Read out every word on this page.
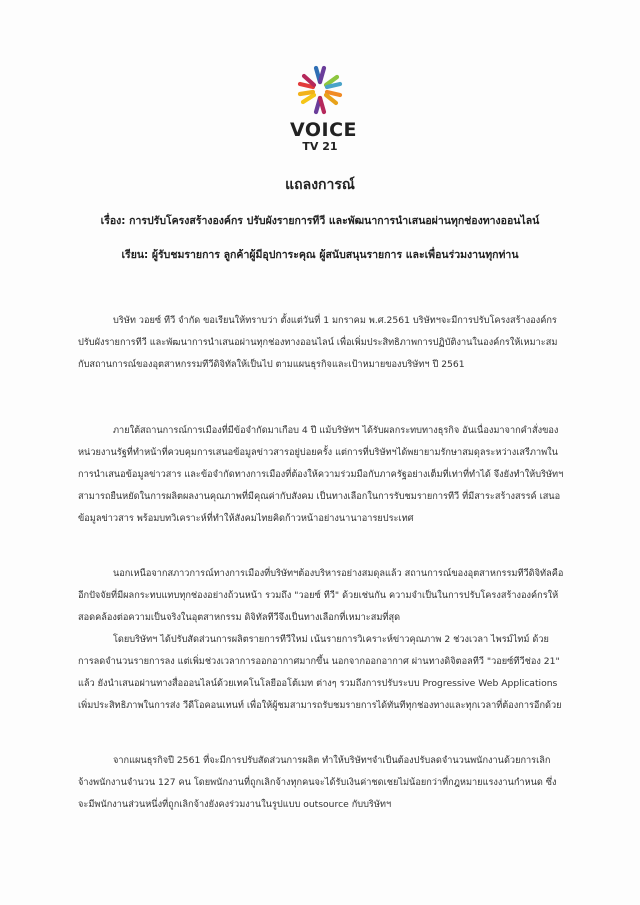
VOICE
TV 21
แถลงการณ์
เรื่อง: การปรับโครงสร้างองค์กร ปรับผังรายการทีวี และพัฒนาการนำเสนอผ่านทุกช่องทางออนไลน์
เรียน: ผู้รับชมรายการ ลูกค้าผู้มีอุปการะคุณ ผู้สนับสนุนรายการ และเพื่อนร่วมงานทุกท่าน
บริษัท วอยซ์ ทีวี จำกัด ขอเรียนให้ทราบว่า ตั้งแต่วันที่ 1 มกราคม พ.ศ.2561 บริษัทฯจะมีการปรับโครงสร้างองค์กรปรับผังรายการทีวี และพัฒนาการนำเสนอผ่านทุกช่องทางออนไลน์ เพื่อเพิ่มประสิทธิภาพการปฏิบัติงานในองค์กรให้เหมาะสมกับสถานการณ์ของอุตสาหกรรมทีวีดิจิทัลให้เป็นไป ตามแผนธุรกิจและเป้าหมายของบริษัทฯ ปี 2561
ภายใต้สถานการณ์การเมืองที่มีข้อจำกัดมาเกือบ 4 ปี แม้บริษัทฯ ได้รับผลกระทบทางธุรกิจ อันเนื่องมาจากคำสั่งของหน่วยงานรัฐที่ทำหน้าที่ควบคุมการเสนอข้อมูลข่าวสารอยู่บ่อยครั้ง แต่การที่บริษัทฯได้พยายามรักษาสมดุลระหว่างเสรีภาพในการนำเสนอข้อมูลข่าวสาร และข้อจำกัดทางการเมืองที่ต้องให้ความร่วมมือกับภาครัฐอย่างเต็มที่เท่าที่ทำได้ จึงยังทำให้บริษัทฯ สามารถยืนหยัดในการผลิตผลงานคุณภาพที่มีคุณค่ากับสังคม เป็นทางเลือกในการรับชมรายการทีวี ที่มีสาระสร้างสรรค์ เสนอข้อมูลข่าวสาร พร้อมบทวิเคราะห์ที่ทำให้สังคมไทยคิดก้าวหน้าอย่างนานาอารยประเทศ
นอกเหนือจากสภาวการณ์ทางการเมืองที่บริษัทฯต้องบริหารอย่างสมดุลแล้ว สถานการณ์ของอุตสาหกรรมทีวีดิจิทัลคืออีกปัจจัยที่มีผลกระทบแทบทุกช่องอย่างถ้วนหน้า รวมถึง "วอยซ์ ทีวี" ด้วยเช่นกัน ความจำเป็นในการปรับโครงสร้างองค์กรให้สอดคล้องต่อความเป็นจริงในอุตสาหกรรม ดิจิทัลทีวีจึงเป็นทางเลือกที่เหมาะสมที่สุด
โดยบริษัทฯ ได้ปรับสัดส่วนการผลิตรายการทีวีใหม่ เน้นรายการวิเคราะห์ข่าวคุณภาพ 2 ช่วงเวลา ไพรม์ไทม์ ด้วยการลดจำนวนรายการลง แต่เพิ่มช่วงเวลาการออกอากาศมากขึ้น นอกจากออกอากาศ ผ่านทางดิจิตอลทีวี "วอยซ์ทีวีช่อง 21" แล้ว ยังนำเสนอผ่านทางสื่อออนไลน์ด้วยเทคโนโลยีออโต้เมท ต่างๆ รวมถึงการปรับระบบ Progressive Web Applications เพิ่มประสิทธิภาพในการส่ง วีดีโอคอนเทนท์ เพื่อให้ผู้ชมสามารถรับชมรายการได้ทันทีทุกช่องทางและทุกเวลาที่ต้องการอีกด้วย
จากแผนธุรกิจปี 2561 ที่จะมีการปรับสัดส่วนการผลิต ทำให้บริษัทฯจำเป็นต้องปรับลดจำนวนพนักงานด้วยการเลิกจ้างพนักงานจำนวน 127 คน โดยพนักงานที่ถูกเลิกจ้างทุกคนจะได้รับเงินค่าชดเชยไม่น้อยกว่าที่กฎหมายแรงงานกำหนด ซึ่งจะมีพนักงานส่วนหนึ่งที่ถูกเลิกจ้างยังคงร่วมงานในรูปแบบ outsource กับบริษัทฯ
